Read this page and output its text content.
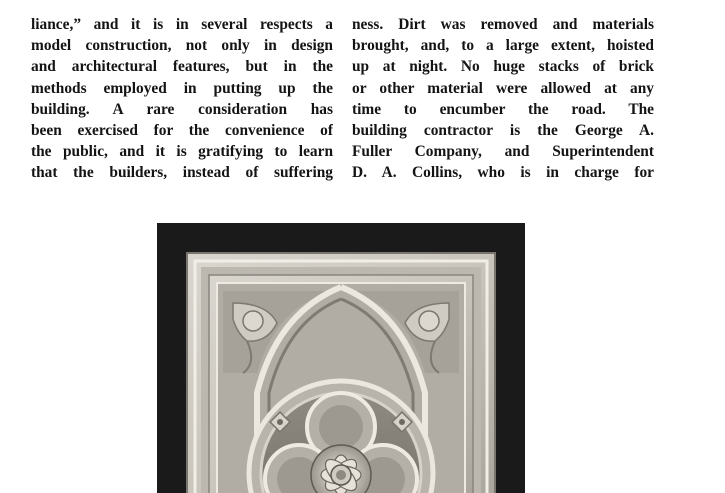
liance,” and it is in several respects a
model construction, not only in design
and architectural features, but in the
methods employed in putting up the
building. A rare consideration has
been exercised for the convenience of
the public, and it is gratifying to learn
that the builders, instead of suffering
ness. Dirt was removed and materials
brought, and, to a large extent, hoisted
up at night. No huge stacks of brick
or other material were allowed at any
time to encumber the road. The
building contractor is the George A.
Fuller Company, and Superintendent
D. A. Collins, who is in charge for
